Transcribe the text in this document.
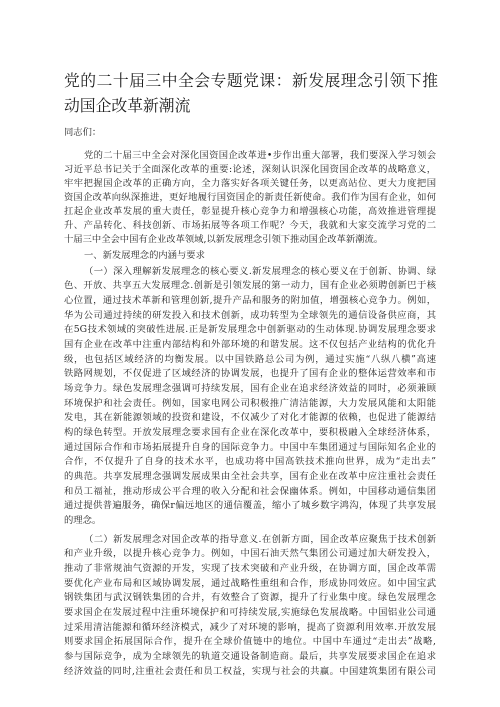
党的二十届三中全会专题党课：新发展理念引领下推
动国企改革新潮流
同志们：
党的二十届三中全会对深化国资国企改革进•步作出重大部署，我们要深入学习领会
习近平总书记关于全面深化改革的重要:论述，深刻认识深化国资国企改革的战略意义，
牢牢把握国企改革的正确方向，全力落实好各项关键任务，以更高站位、更大力度把国
资国企改革向纵深推进，更好地履行国资国企的新责任新使命。我们作为国有企业，如何
扛起企业改革发展的重大责任，彰显提升核心竞争力和增强核心功能，高效推进管理提
升、产品转化、科技创新、市场拓展等各项工作呢？今天，我就和大家交流学习党的二
十届三中全会中国有企业改革领域,以新发展理念引领下推动国企改革新潮流。
一、新发展理念的内涵与要求
（一）深入理解新发展理念的核心要义.新发展理念的核心要义在于创新、协调、绿
色、开放、共享五大发展理念.创新是引领发展的第一动力，国有企业必须聘创新巴于核
心位置，通过技术革新和管理创新,提升产品和服务的附加值，增强核心竞争力。例如，
华为公司通过持续的研发投入和技术创新，成功转型为全球领先的通信设备供应商，其
在5G技术领域的突破性进展.正是新发展理念中创新驱动的生动体现.协调发展理念要求
国有企业在改革中注重内部结构和外部环境的和谐发展。这不仅包括产业结构的优化升
级，也包括区域经济的均衡发展。以中国铁路总公司为例，通过实施“八纵八横”高速
铁路网规划，不仅促进了区域经济的协调发展，也提升了国有企业的整体运营效率和市
场竞争力。绿色发展理念强调可持续发展，国有企业在追求经济效益的同时，必须兼顾
环境保护和社会责任。例如，国家电网公司积极推广清洁能源，大力发展风能和太阳能
发电，其在新能源领域的投资和建设，不仅减少了对化才能源的依赖，也促进了能源结
构的绿色转型。开放发展理念要求国有企业在深化改革中，要积极融入全球经济体系，
通过国际合作和市场拓展提升自身的国际竞争力。中国中车集团通过与国际知名企业的
合作，不仅提升了自身的技术水平，也成功将中国高铁技术推向世界，成为“走出去”
的典范。共享发展理念强调发展成果由全社会共享，国有企业在改革中应注重社会责任
和员工福祉，推动形成公平合理的收入分配和社会保幽体系。例如，中国移动通信集团
通过提供普遍服务，确保r偏远地区的通信覆盖，缩小了城乡数字鸿沟，体现了共享发展
的理念。
（二）新发展理念对国企改革的指导意义.在创新方面，国企改革应聚焦于技术创新
和产业升级，以提升核心竞争力。例如，中国石油天然气集团公司通过加大研发投入，
推动了非常规油气资源的开发，实现了技术突破和产业升级，在协调方面，国企改革需
要优化产业布局和区域协调发展，通过战略性重组和合作，形成协同效应。如中国宝武
钢铁集团与武汉钢铁集团的合并，有效整合了资源，提升了行业集中度。绿色发展理念
要求国企在发展过程中注重环境保护和可持续发展,实施绿色发展战略。中国铝业公司通
过采用清洁能源和循环经济模式，减少了对环境的影响，提高了资源利用效率.开放发展
则要求国企拓展国际合作，提升在全球价值链中的地位。中国中车通过“走出去”战略,
参与国际竞争，成为全球领先的轨道交通设备制造商。最后，共享发展要求国企在追求
经济效益的同时,注重社会责任和员工权益，实现与社会的共赢。中国建筑集团有限公司
